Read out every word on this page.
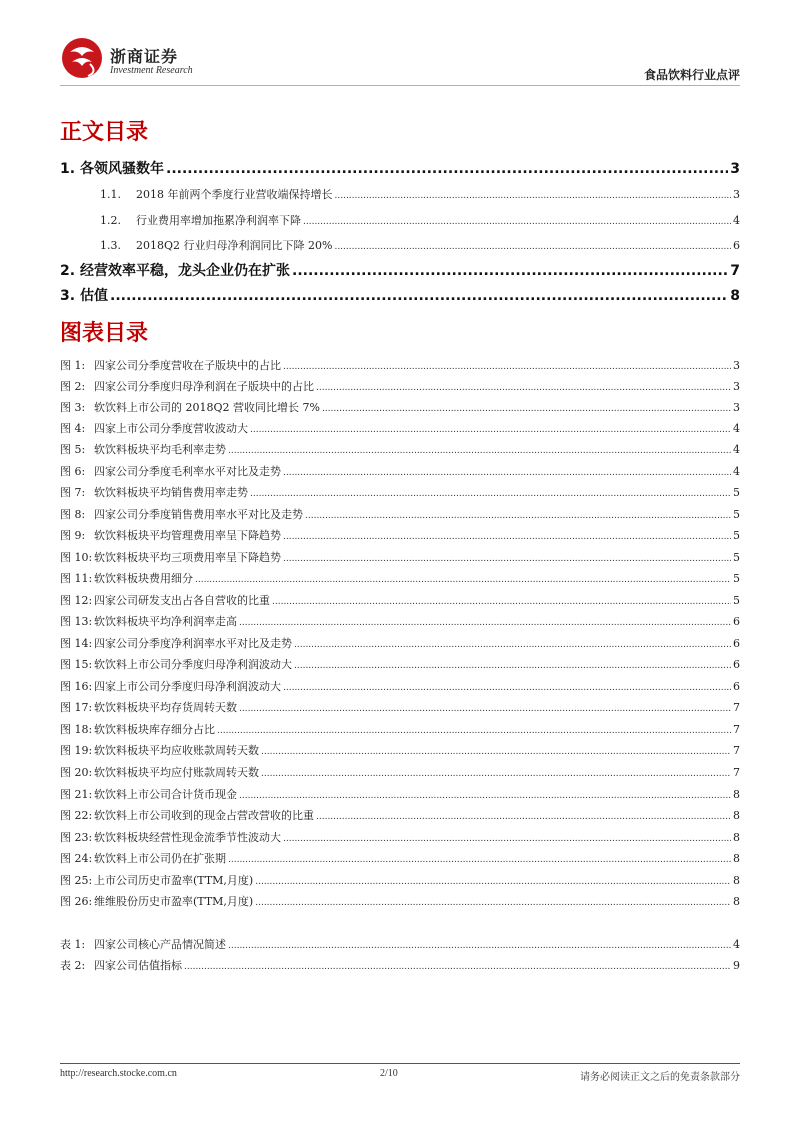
浙商证券
Investment Research	食品饮料行业点评
正文目录
1. 各领风骚数年 .....	3
1.1.	2018 年前两个季度行业营收端保持增长 .....	3
1.2.	行业费用率增加拖累净利润率下降 .....	4
1.3.	2018Q2 行业归母净利润同比下降 20% .....	6
2. 经营效率平稳，龙头企业仍在扩张 .....	7
3. 估值 .....	8
图表目录
图 1: 四家公司分季度营收在子版块中的占比 .....	3
图 2: 四家公司分季度归母净利润在子版块中的占比 .....	3
图 3: 软饮料上市公司的 2018Q2 营收同比增长 7% .....	3
图 4: 四家上市公司分季度营收波动大 .....	4
图 5: 软饮料板块平均毛利率走势 .....	4
图 6: 四家公司分季度毛利率水平对比及走势 .....	4
图 7: 软饮料板块平均销售费用率走势 .....	5
图 8: 四家公司分季度销售费用率水平对比及走势 .....	5
图 9: 软饮料板块平均管理费用率呈下降趋势 .....	5
图 10: 软饮料板块平均三项费用率呈下降趋势 .....	5
图 11: 软饮料板块费用细分 .....	5
图 12: 四家公司研发支出占各自营收的比重 .....	5
图 13: 软饮料板块平均净利润率走高 .....	6
图 14: 四家公司分季度净利润率水平对比及走势 .....	6
图 15: 软饮料上市公司分季度归母净利润波动大 .....	6
图 16: 四家上市公司分季度归母净利润波动大 .....	6
图 17: 软饮料板块平均存货周转天数 .....	7
图 18: 软饮料板块库存细分占比 .....	7
图 19: 软饮料板块平均应收账款周转天数 .....	7
图 20: 软饮料板块平均应付账款周转天数 .....	7
图 21: 软饮料上市公司合计货币现金 .....	8
图 22: 软饮料上市公司收到的现金占营改营收的比重 .....	8
图 23: 软饮料板块经营性现金流季节性波动大 .....	8
图 24: 软饮料上市公司仍在扩张期 .....	8
图 25: 上市公司历史市盈率(TTM,月度) .....	8
图 26: 维维股份历史市盈率(TTM,月度) .....	8
表 1: 四家公司核心产品情况简述 .....	4
表 2: 四家公司估值指标 .....	9
http://research.stocke.com.cn	2/10	请务必阅读正文之后的免责条款部分
